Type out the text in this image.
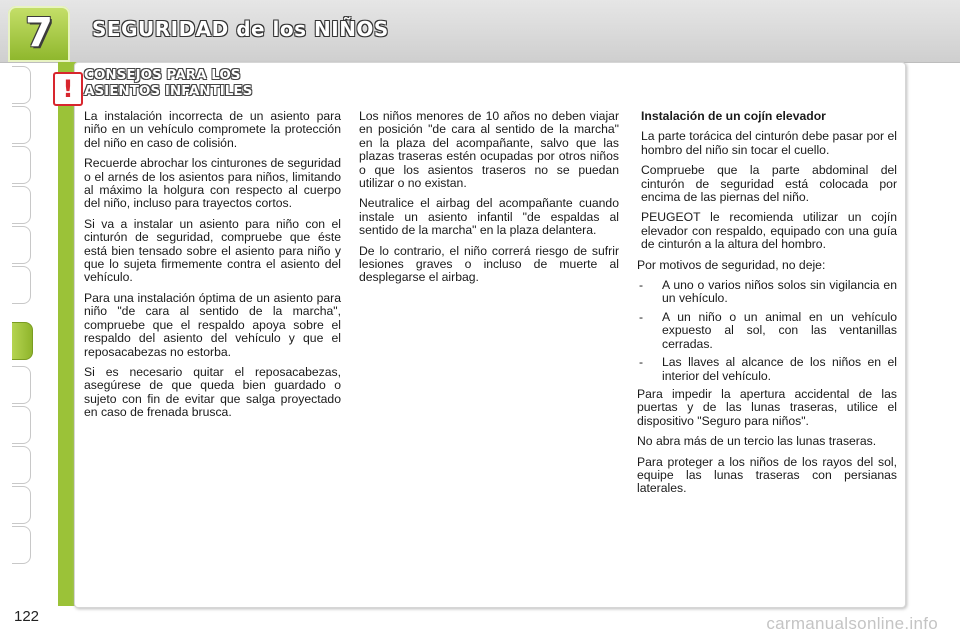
7	SEGURIDAD de los NIÑOS
! CONSEJOS PARA LOS
ASIENTOS INFANTILES

La instalación incorrecta de un asiento para niño en un vehículo compromete la protección del niño en caso de colisión.

Recuerde abrochar los cinturones de seguridad o el arnés de los asientos para niños, limitando al máximo la holgura con respecto al cuerpo del niño, incluso para trayectos cortos.

Si va a instalar un asiento para niño con el cinturón de seguridad, compruebe que éste está bien tensado sobre el asiento para niño y que lo sujeta firmemente contra el asiento del vehículo.

Para una instalación óptima de un asiento para niño "de cara al sentido de la marcha", compruebe que el respaldo apoya sobre el respaldo del asiento del vehículo y que el reposacabezas no estorba.

Si es necesario quitar el reposacabezas, asegúrese de que queda bien guardado o sujeto con fin de evitar que salga proyectado en caso de frenada brusca.

Los niños menores de 10 años no deben viajar en posición "de cara al sentido de la marcha" en la plaza del acompañante, salvo que las plazas traseras estén ocupadas por otros niños o que los asientos traseros no se puedan utilizar o no existan.

Neutralice el airbag del acompañante cuando instale un asiento infantil "de espaldas al sentido de la marcha" en la plaza delantera.

De lo contrario, el niño correrá riesgo de sufrir lesiones graves o incluso de muerte al desplegarse el airbag.

Instalación de un cojín elevador

La parte torácica del cinturón debe pasar por el hombro del niño sin tocar el cuello.

Compruebe que la parte abdominal del cinturón de seguridad está colocada por encima de las piernas del niño.

PEUGEOT le recomienda utilizar un cojín elevador con respaldo, equipado con una guía de cinturón a la altura del hombro.

Por motivos de seguridad, no deje:

- A uno o varios niños solos sin vigilancia en un vehículo.
- A un niño o un animal en un vehículo expuesto al sol, con las ventanillas cerradas.
- Las llaves al alcance de los niños en el interior del vehículo.

Para impedir la apertura accidental de las puertas y de las lunas traseras, utilice el dispositivo "Seguro para niños".

No abra más de un tercio las lunas traseras.

Para proteger a los niños de los rayos del sol, equipe las lunas traseras con persianas laterales.

122	carmanualsonline.info
